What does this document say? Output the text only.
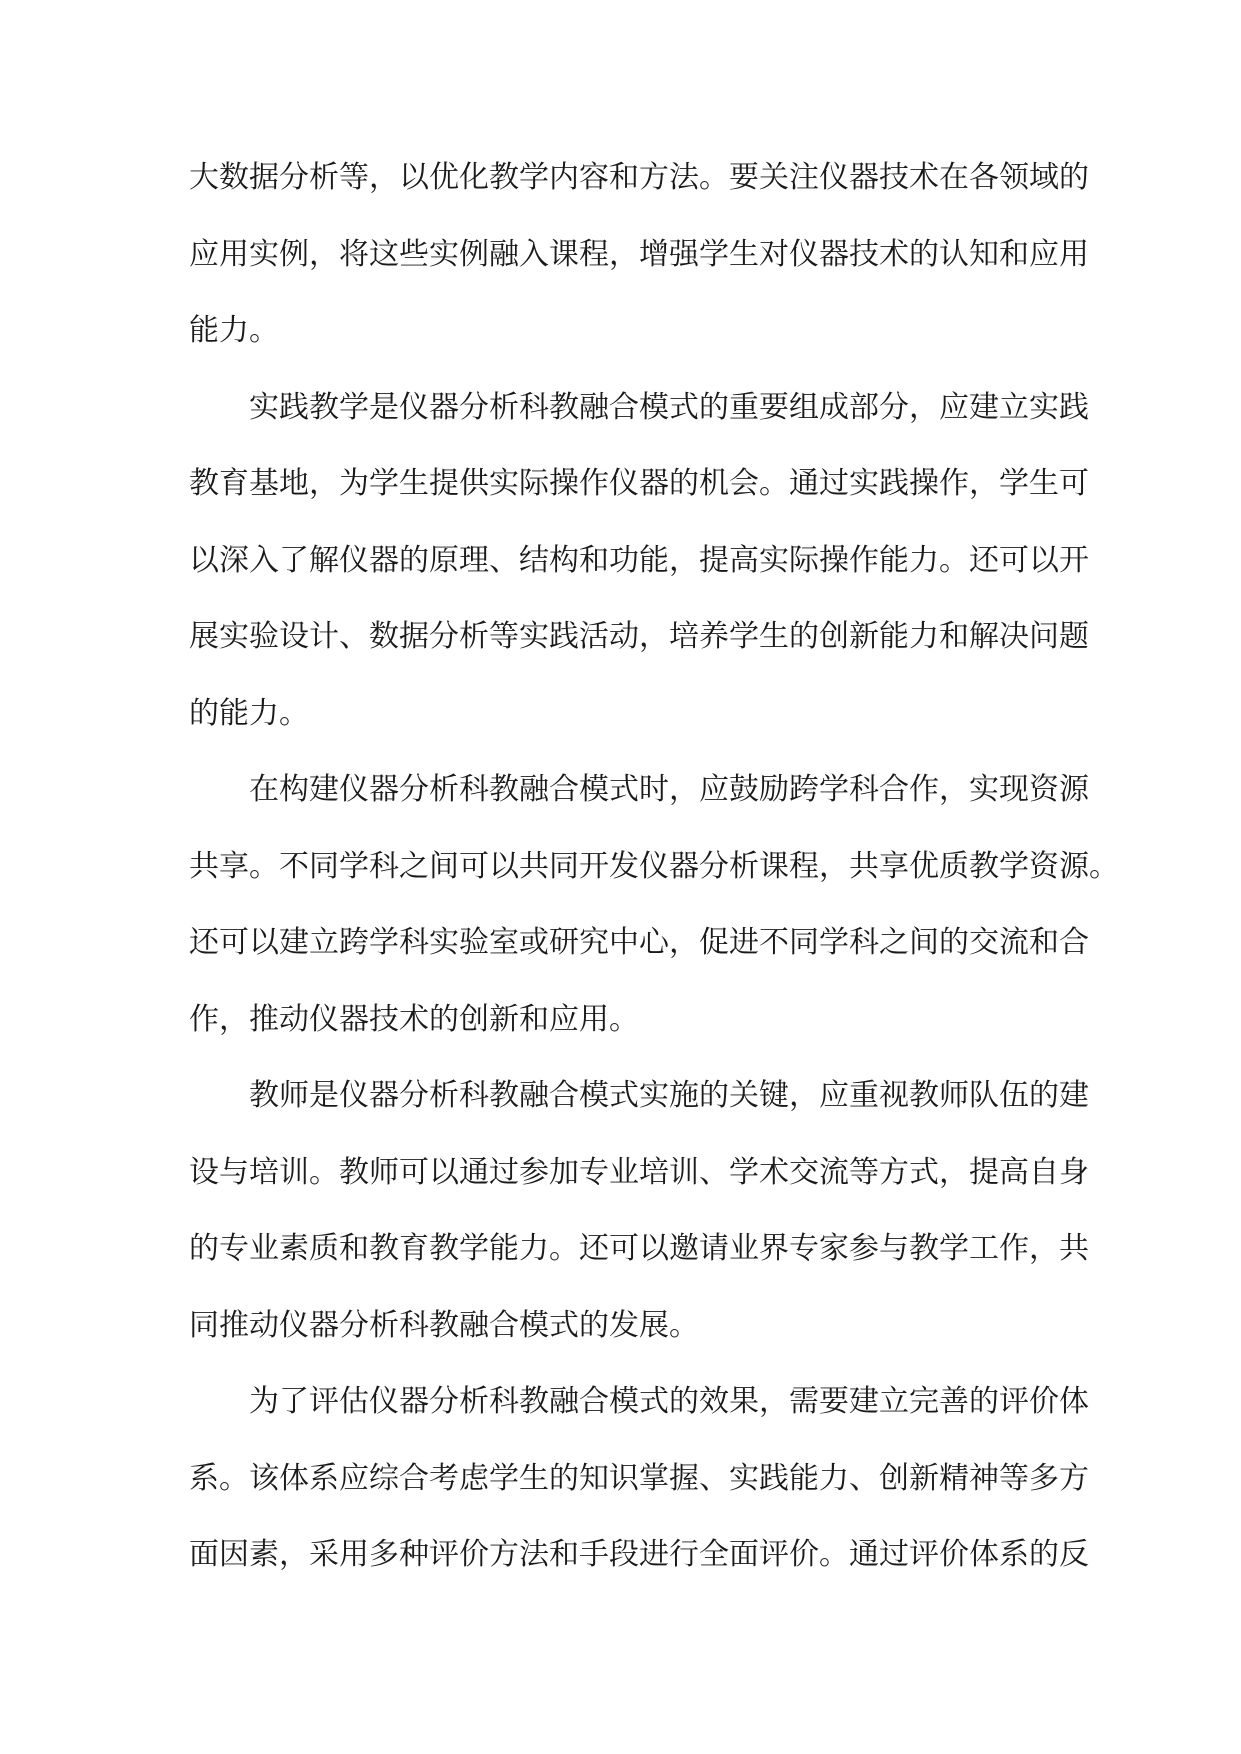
大数据分析等，以优化教学内容和方法。要关注仪器技术在各领域的
应用实例，将这些实例融入课程，增强学生对仪器技术的认知和应用
能力。
实践教学是仪器分析科教融合模式的重要组成部分，应建立实践
教育基地，为学生提供实际操作仪器的机会。通过实践操作，学生可
以深入了解仪器的原理、结构和功能，提高实际操作能力。还可以开
展实验设计、数据分析等实践活动，培养学生的创新能力和解决问题
的能力。
在构建仪器分析科教融合模式时，应鼓励跨学科合作，实现资源
共享。不同学科之间可以共同开发仪器分析课程，共享优质教学资源。
还可以建立跨学科实验室或研究中心，促进不同学科之间的交流和合
作，推动仪器技术的创新和应用。
教师是仪器分析科教融合模式实施的关键，应重视教师队伍的建
设与培训。教师可以通过参加专业培训、学术交流等方式，提高自身
的专业素质和教育教学能力。还可以邀请业界专家参与教学工作，共
同推动仪器分析科教融合模式的发展。
为了评估仪器分析科教融合模式的效果，需要建立完善的评价体
系。该体系应综合考虑学生的知识掌握、实践能力、创新精神等多方
面因素，采用多种评价方法和手段进行全面评价。通过评价体系的反
